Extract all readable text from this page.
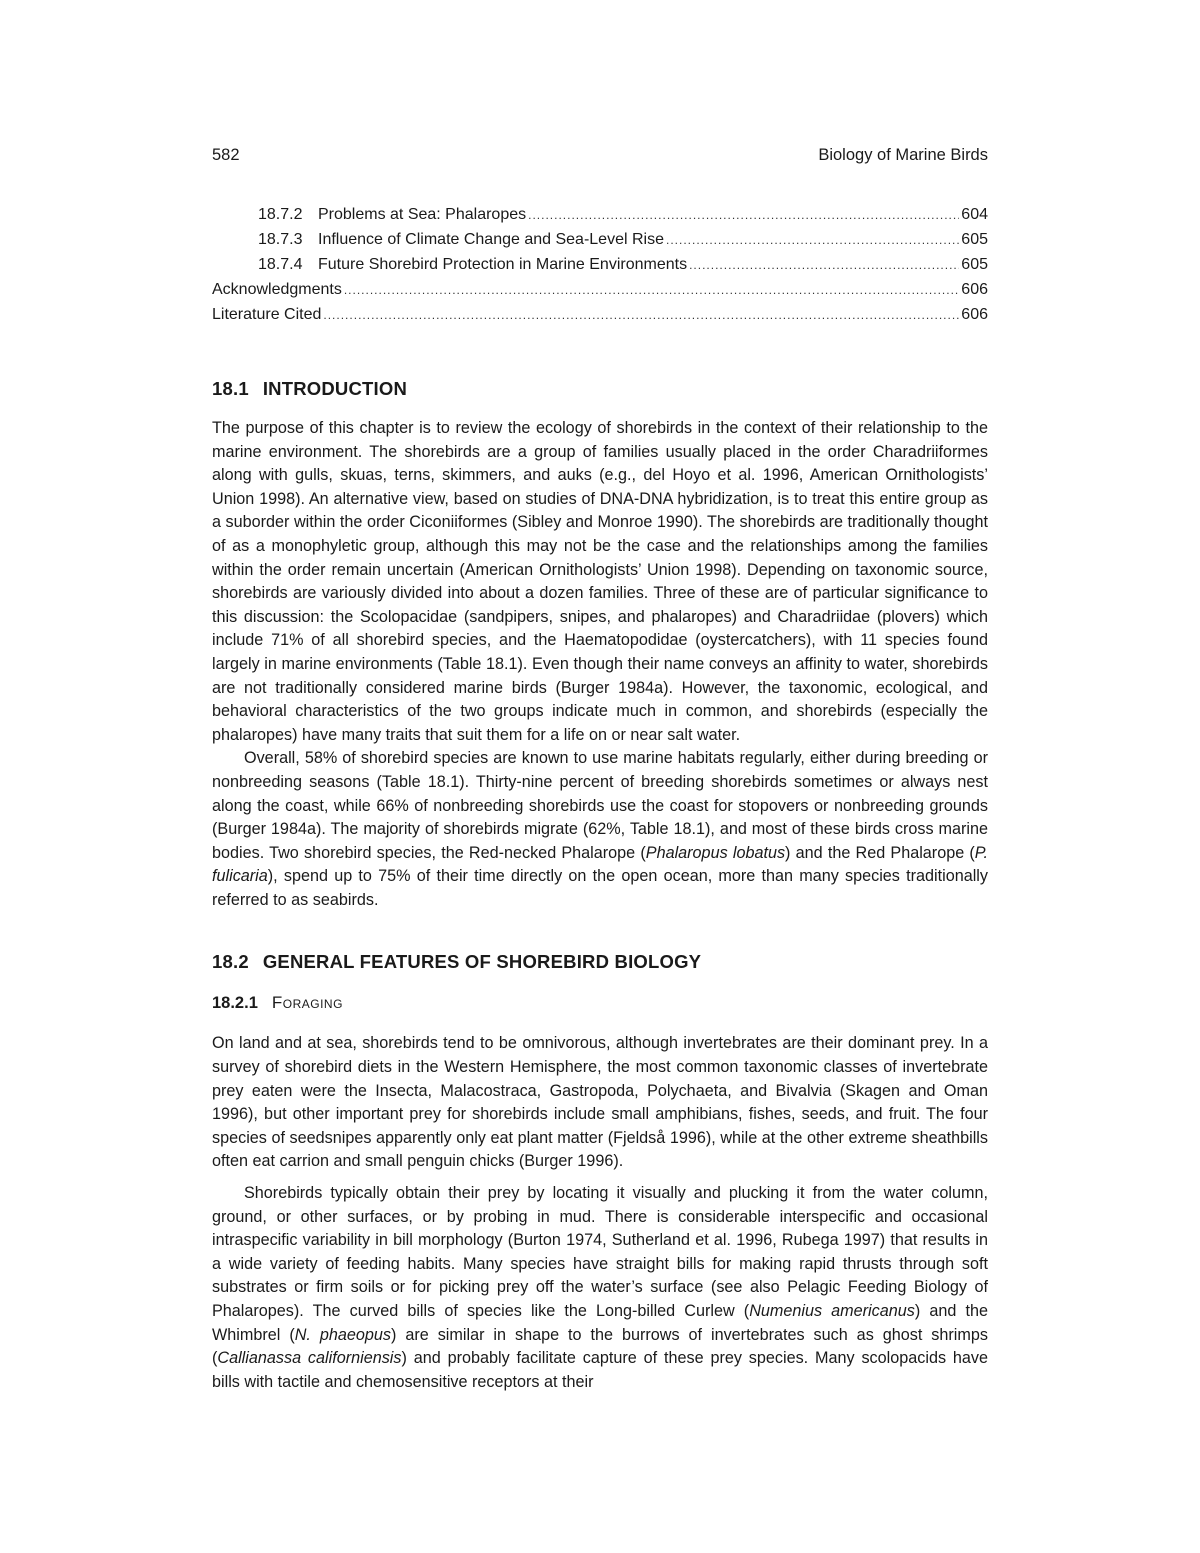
582	Biology of Marine Birds
18.7.2 Problems at Sea: Phalaropes .....	604
18.7.3 Influence of Climate Change and Sea-Level Rise .....	605
18.7.4 Future Shorebird Protection in Marine Environments .....	605
Acknowledgments .....	606
Literature Cited .....	606
18.1 INTRODUCTION

The purpose of this chapter is to review the ecology of shorebirds in the context of their relationship to the marine environment. The shorebirds are a group of families usually placed in the order Charadriiformes along with gulls, skuas, terns, skimmers, and auks (e.g., del Hoyo et al. 1996, American Ornithologists’ Union 1998). An alternative view, based on studies of DNA-DNA hybridization, is to treat this entire group as a suborder within the order Ciconiiformes (Sibley and Monroe 1990). The shorebirds are traditionally thought of as a monophyletic group, although this may not be the case and the relationships among the families within the order remain uncertain (American Ornithologists’ Union 1998). Depending on taxonomic source, shorebirds are variously divided into about a dozen families. Three of these are of particular significance to this discussion: the Scolopacidae (sandpipers, snipes, and phalaropes) and Charadriidae (plovers) which include 71% of all shorebird species, and the Haematopodidae (oystercatchers), with 11 species found largely in marine environments (Table 18.1). Even though their name conveys an affinity to water, shorebirds are not traditionally considered marine birds (Burger 1984a). However, the taxonomic, ecological, and behavioral characteristics of the two groups indicate much in common, and shorebirds (especially the phalaropes) have many traits that suit them for a life on or near salt water.

Overall, 58% of shorebird species are known to use marine habitats regularly, either during breeding or nonbreeding seasons (Table 18.1). Thirty-nine percent of breeding shorebirds sometimes or always nest along the coast, while 66% of nonbreeding shorebirds use the coast for stopovers or nonbreeding grounds (Burger 1984a). The majority of shorebirds migrate (62%, Table 18.1), and most of these birds cross marine bodies. Two shorebird species, the Red-necked Phalarope (Phalaropus lobatus) and the Red Phalarope (P. fulicaria), spend up to 75% of their time directly on the open ocean, more than many species traditionally referred to as seabirds.

18.2 GENERAL FEATURES OF SHOREBIRD BIOLOGY
18.2.1 Foraging

On land and at sea, shorebirds tend to be omnivorous, although invertebrates are their dominant prey. In a survey of shorebird diets in the Western Hemisphere, the most common taxonomic classes of invertebrate prey eaten were the Insecta, Malacostraca, Gastropoda, Polychaeta, and Bivalvia (Skagen and Oman 1996), but other important prey for shorebirds include small amphibians, fishes, seeds, and fruit. The four species of seedsnipes apparently only eat plant matter (Fjeldså 1996), while at the other extreme sheathbills often eat carrion and small penguin chicks (Burger 1996).

Shorebirds typically obtain their prey by locating it visually and plucking it from the water column, ground, or other surfaces, or by probing in mud. There is considerable interspecific and occasional intraspecific variability in bill morphology (Burton 1974, Sutherland et al. 1996, Rubega 1997) that results in a wide variety of feeding habits. Many species have straight bills for making rapid thrusts through soft substrates or firm soils or for picking prey off the water’s surface (see also Pelagic Feeding Biology of Phalaropes). The curved bills of species like the Long-billed Curlew (Numenius americanus) and the Whimbrel (N. phaeopus) are similar in shape to the burrows of invertebrates such as ghost shrimps (Callianassa californiensis) and probably facilitate capture of these prey species. Many scolopacids have bills with tactile and chemosensitive receptors at their
